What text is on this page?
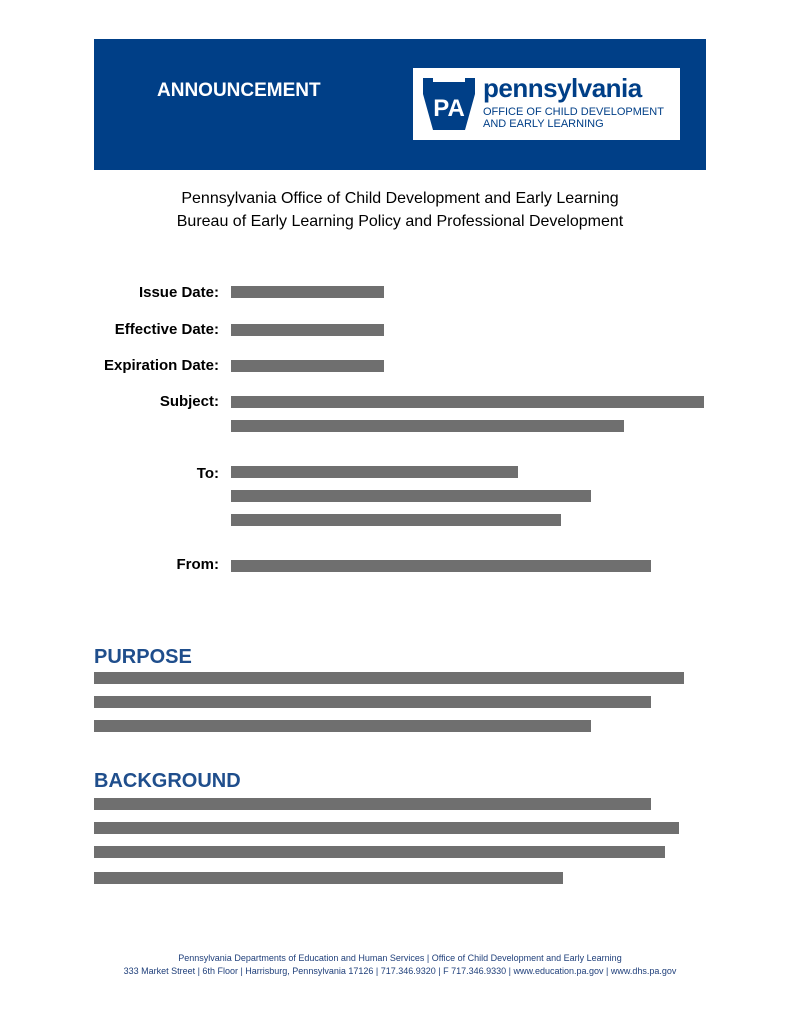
ANNOUNCEMENT
PA
pennsylvania
OFFICE OF CHILD DEVELOPMENT
AND EARLY LEARNING
Pennsylvania Office of Child Development and Early Learning
Bureau of Early Learning Policy and Professional Development
Issue Date:
Effective Date:
Expiration Date:
Subject:
To:
From:
PURPOSE
BACKGROUND
Pennsylvania Departments of Education and Human Services | Office of Child Development and Early Learning
333 Market Street | 6th Floor | Harrisburg, Pennsylvania 17126 | 717.346.9320 | F 717.346.9330 | www.education.pa.gov | www.dhs.pa.gov
